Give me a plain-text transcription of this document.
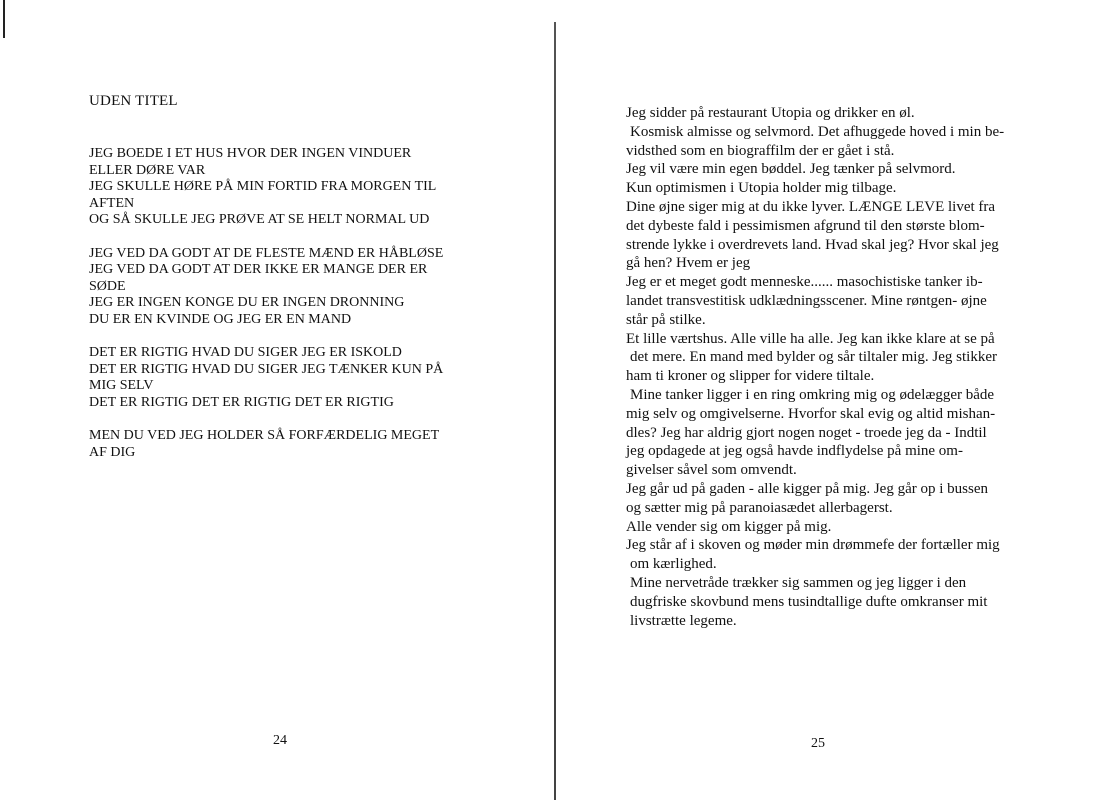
UDEN TITEL
JEG BOEDE I ET HUS HVOR DER INGEN VINDUER
ELLER DØRE VAR
JEG SKULLE HØRE PÅ MIN FORTID FRA MORGEN TIL
AFTEN
OG SÅ SKULLE JEG PRØVE AT SE HELT NORMAL UD
JEG VED DA GODT AT DE FLESTE MÆND ER HÅBLØSE
JEG VED DA GODT AT DER IKKE ER MANGE DER ER
SØDE
JEG ER INGEN KONGE DU ER INGEN DRONNING
DU ER EN KVINDE OG JEG ER EN MAND
DET ER RIGTIG HVAD DU SIGER JEG ER ISKOLD
DET ER RIGTIG HVAD DU SIGER JEG TÆNKER KUN PÅ
MIG SELV
DET ER RIGTIG DET ER RIGTIG DET ER RIGTIG
MEN DU VED JEG HOLDER SÅ FORFÆRDELIG MEGET
AF DIG
24
Jeg sidder på restaurant Utopia og drikker en øl.
Kosmisk almisse og selvmord. Det afhuggede hoved i min be-
vidsthed som en biograffilm der er gået i stå.
Jeg vil være min egen bøddel. Jeg tænker på selvmord.
Kun optimismen i Utopia holder mig tilbage.
Dine øjne siger mig at du ikke lyver. LÆNGE LEVE livet fra
det dybeste fald i pessimismen afgrund til den største blom-
strende lykke i overdrevets land. Hvad skal jeg? Hvor skal jeg
gå hen? Hvem er jeg
Jeg er et meget godt menneske...... masochistiske tanker ib-
landet transvestitisk udklædningsscener. Mine røntgen- øjne
står på stilke.
Et lille værtshus. Alle ville ha alle. Jeg kan ikke klare at se på
det mere. En mand med bylder og sår tiltaler mig. Jeg stikker
ham ti kroner og slipper for videre tiltale.
Mine tanker ligger i en ring omkring mig og ødelægger både
mig selv og omgivelserne. Hvorfor skal evig og altid mishan-
dles? Jeg har aldrig gjort nogen noget - troede jeg da - Indtil
jeg opdagede at jeg også havde indflydelse på mine om-
givelser såvel som omvendt.
Jeg går ud på gaden - alle kigger på mig. Jeg går op i bussen
og sætter mig på paranoiasædet allerbagerst.
Alle vender sig om kigger på mig.
Jeg står af i skoven og møder min drømmefe der fortæller mig
om kærlighed.
Mine nervetråde trækker sig sammen og jeg ligger i den
dugfriske skovbund mens tusindtallige dufte omkranser mit
livstrætte legeme.
25
